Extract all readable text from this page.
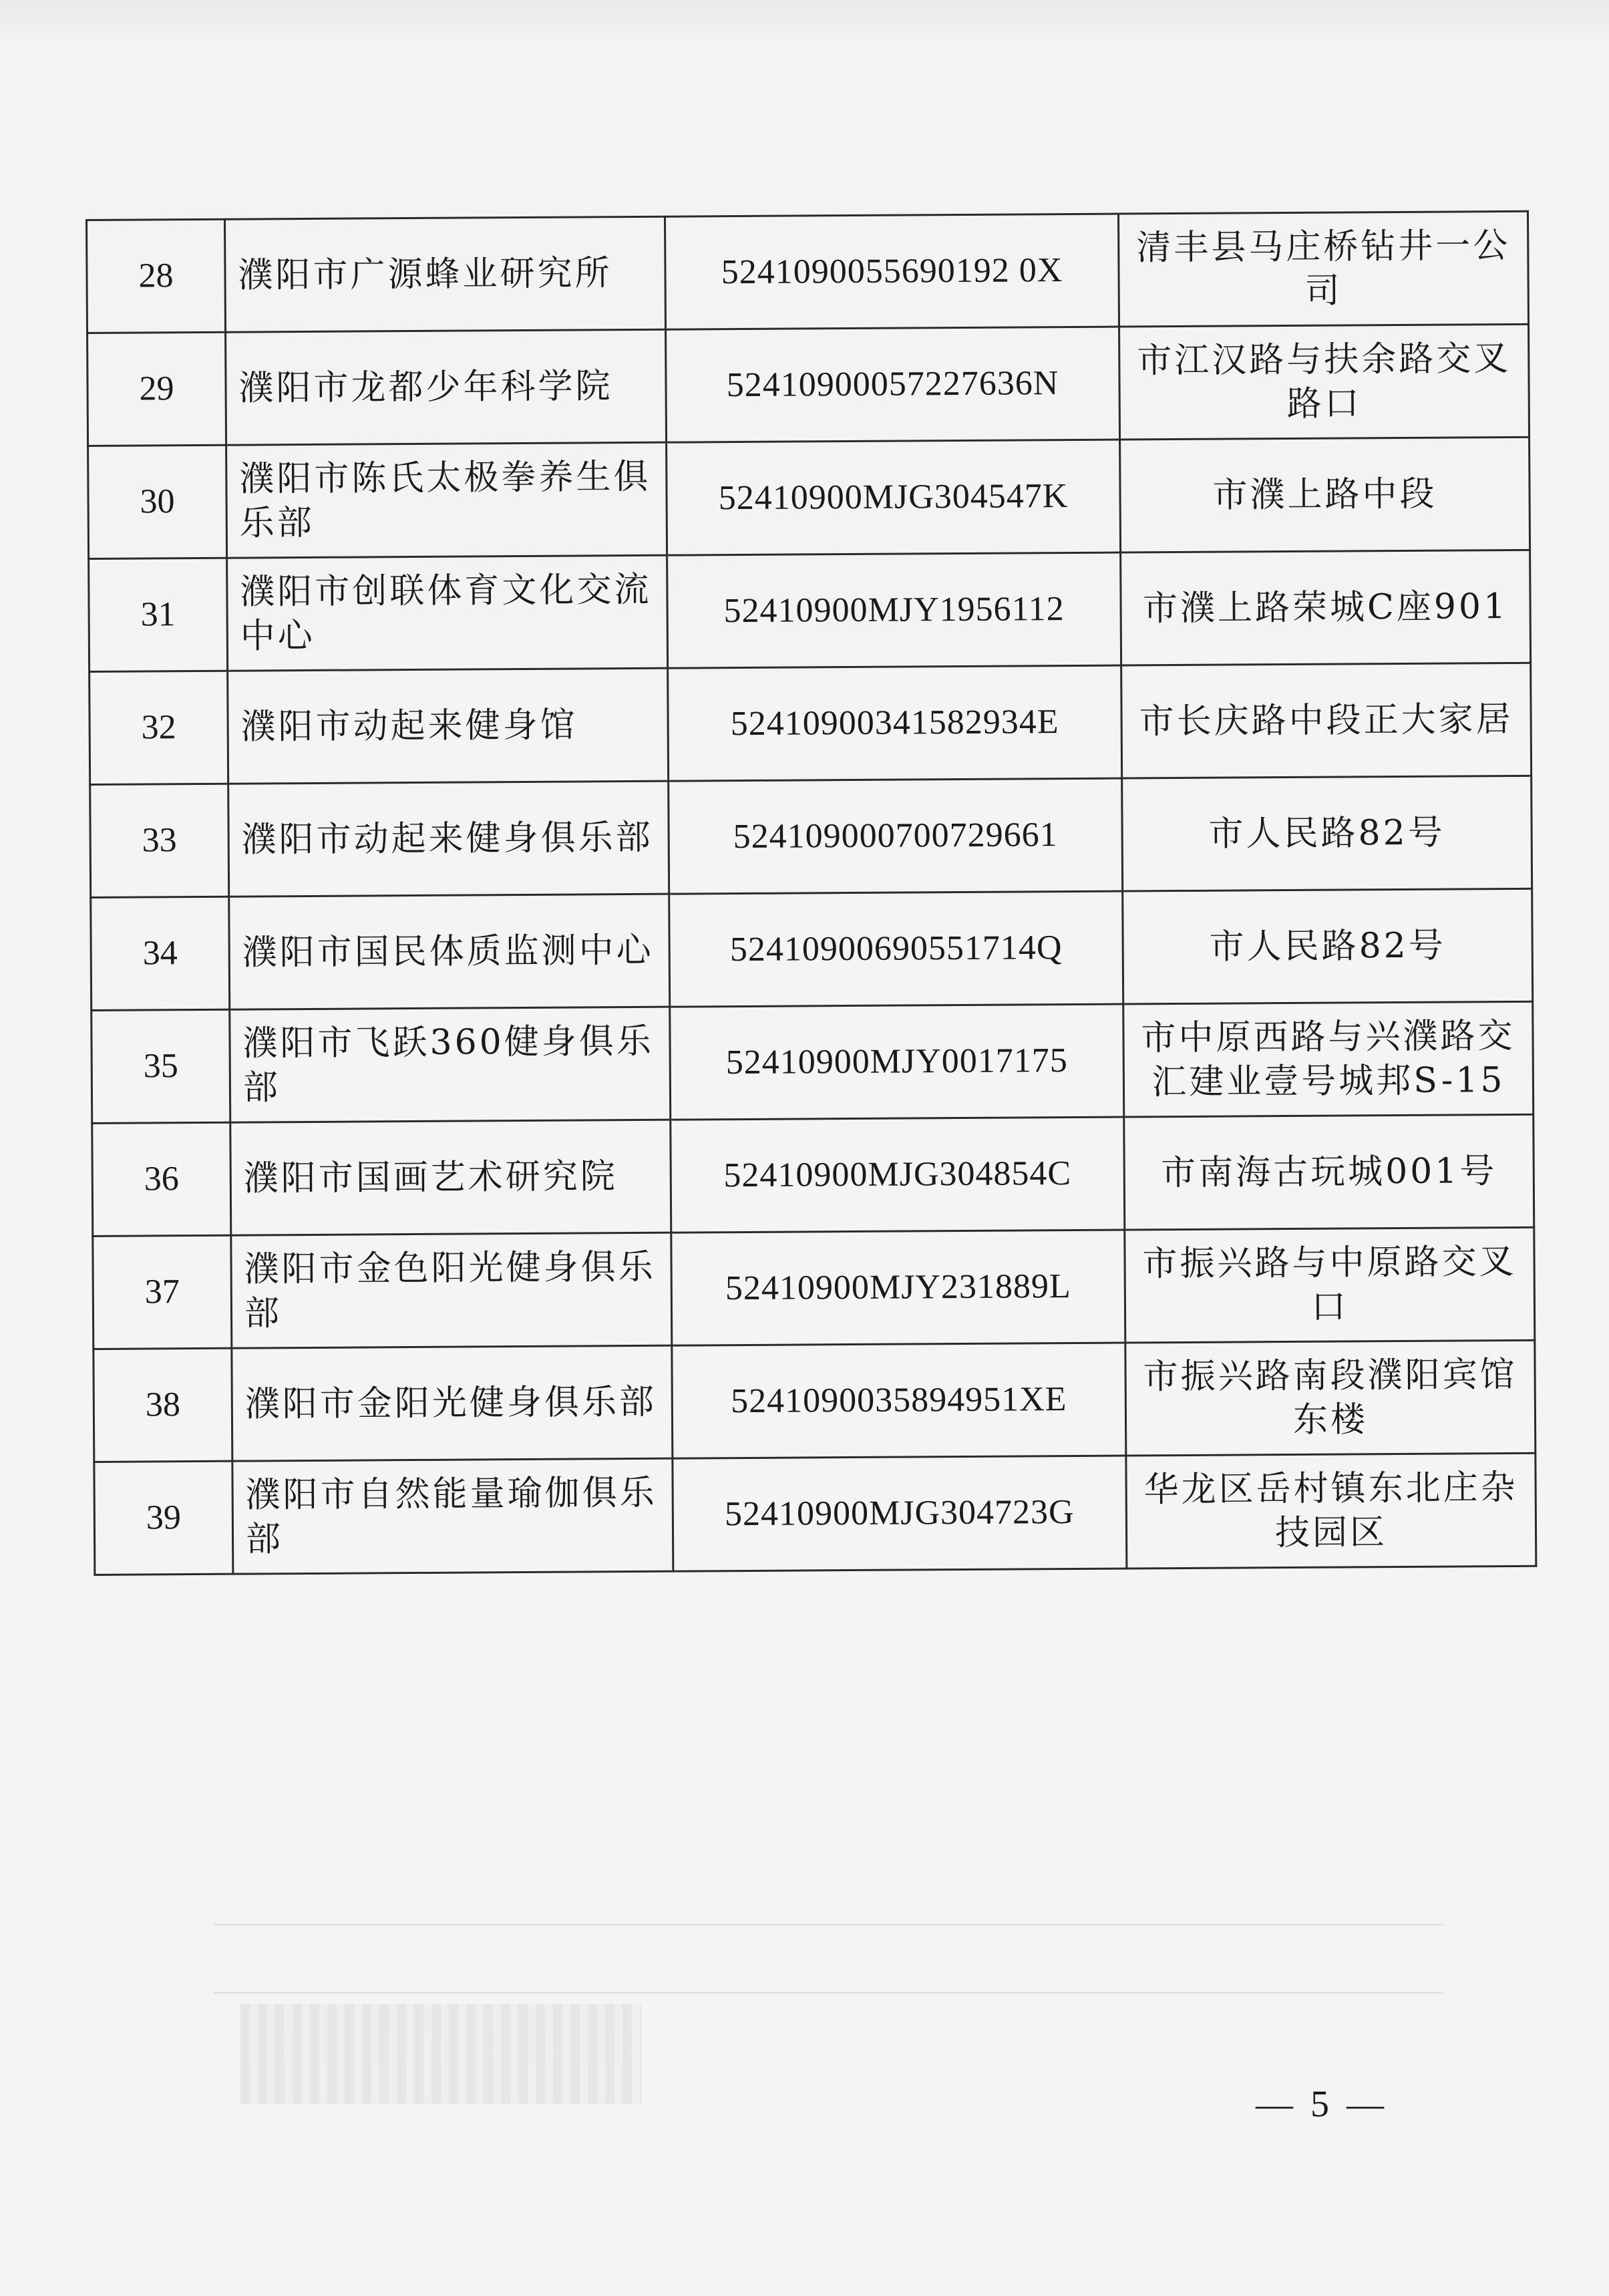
28	濮阳市广源蜂业研究所	5241090055690192 0X	清丰县马庄桥钻井一公司
29	濮阳市龙都少年科学院	52410900057227636N	市江汉路与扶余路交叉路口
30	濮阳市陈氏太极拳养生俱乐部	52410900MJG304547K	市濮上路中段
31	濮阳市创联体育文化交流中心	52410900MJY1956112	市濮上路荣城C座901
32	濮阳市动起来健身馆	52410900341582934E	市长庆路中段正大家居
33	濮阳市动起来健身俱乐部	524109000700729661	市人民路82号
34	濮阳市国民体质监测中心	52410900690551714Q	市人民路82号
35	濮阳市飞跃360健身俱乐部	52410900MJY0017175	市中原西路与兴濮路交汇建业壹号城邦S-15
36	濮阳市国画艺术研究院	52410900MJG304854C	市南海古玩城001号
37	濮阳市金色阳光健身俱乐部	52410900MJY231889L	市振兴路与中原路交叉口
38	濮阳市金阳光健身俱乐部	5241090035894951XE	市振兴路南段濮阳宾馆东楼
39	濮阳市自然能量瑜伽俱乐部	52410900MJG304723G	华龙区岳村镇东北庄杂技园区
— 5 —
